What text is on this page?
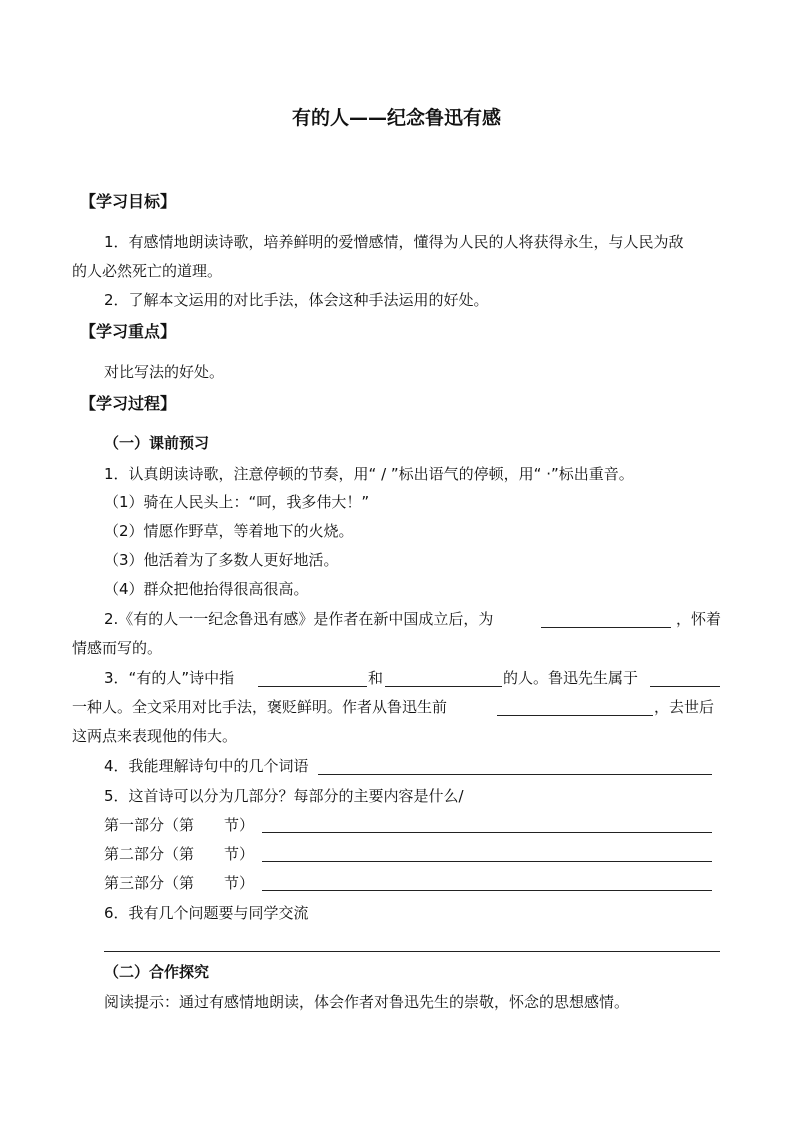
有的人——纪念鲁迅有感
【学习目标】
1．有感情地朗读诗歌，培养鲜明的爱憎感情，懂得为人民的人将获得永生，与人民为敌
的人必然死亡的道理。
2．了解本文运用的对比手法，体会这种手法运用的好处。
【学习重点】
对比写法的好处。
【学习过程】
（一）课前预习
1．认真朗读诗歌，注意停顿的节奏，用“ / ”标出语气的停顿，用“ ·”标出重音。
（1）骑在人民头上：“呵，我多伟大！”
（2）情愿作野草，等着地下的火烧。
（3）他活着为了多数人更好地活。
（4）群众把他抬得很高很高。
2.《有的人一一纪念鲁迅有感》是作者在新中国成立后，为	，怀着
情感而写的。
3．“有的人”诗中指	和	的人。鲁迅先生属于
一种人。全文采用对比手法，褒贬鲜明。作者从鲁迅生前	，去世后
这两点来表现他的伟大。
4．我能理解诗句中的几个词语
5．这首诗可以分为几部分？每部分的主要内容是什么/
第一部分（第　　节）
第二部分（第　　节）
第三部分（第　　节）
6．我有几个问题要与同学交流
（二）合作探究
阅读提示：通过有感情地朗读，体会作者对鲁迅先生的崇敬，怀念的思想感情。
